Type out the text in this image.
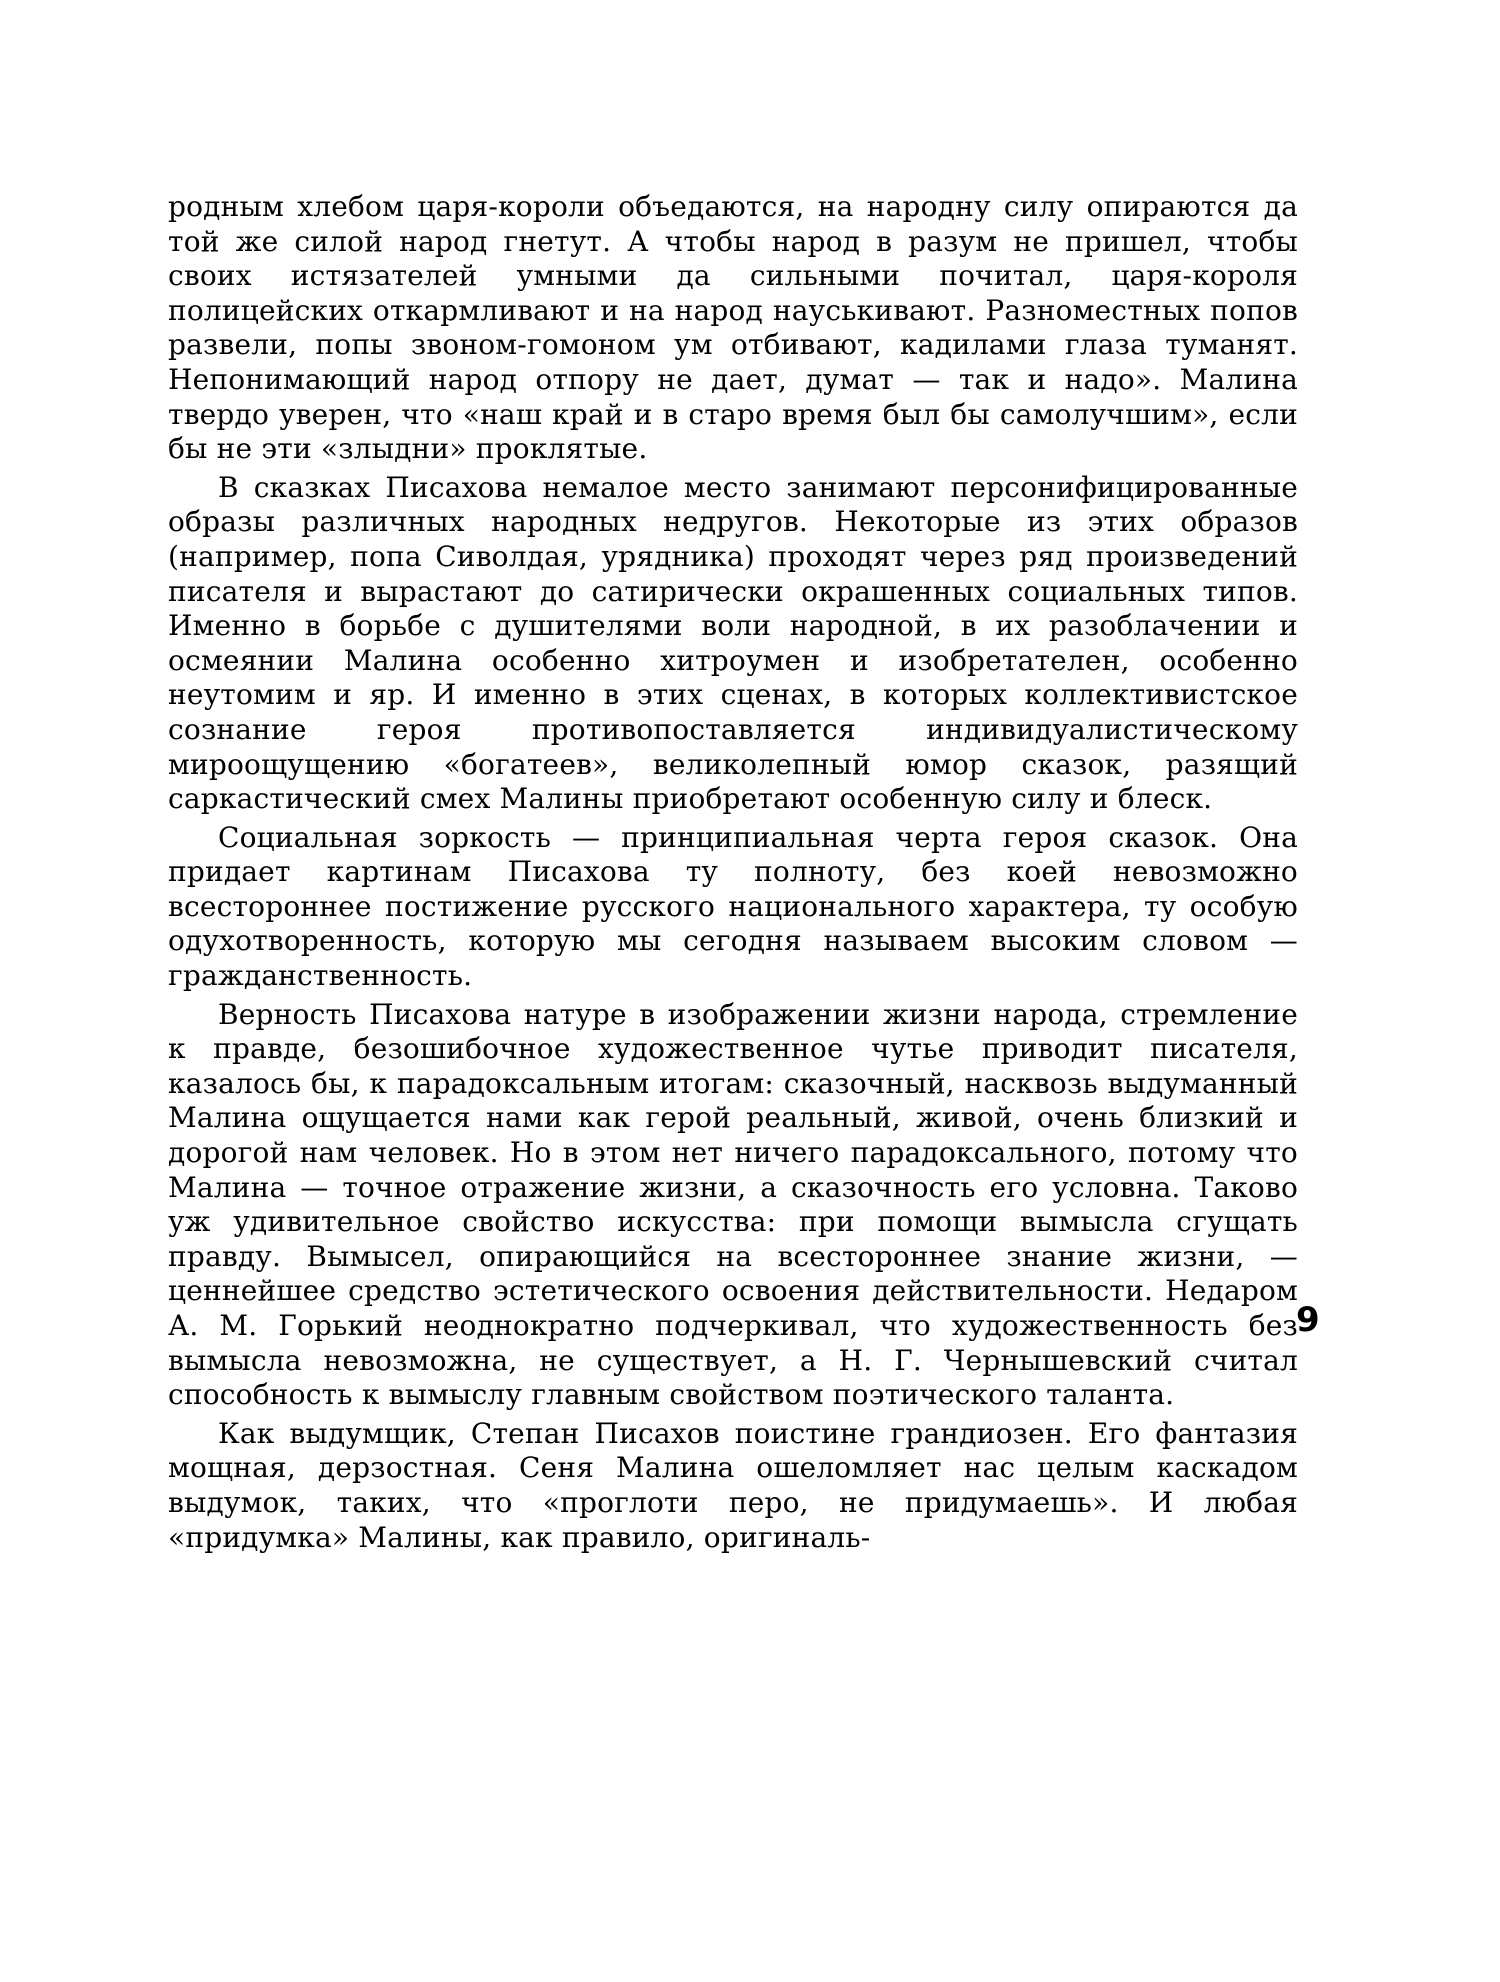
родным хлебом царя-короли объедаются, на народну силу опираются да той же силой народ гнетут. А чтобы народ в разум не пришел, чтобы своих истязателей умными да сильными почитал, царя-короля полицейских откармливают и на народ науськивают. Разноместных попов развели, попы звоном-гомоном ум отбивают, кадилами глаза туманят. Непонимающий народ отпору не дает, думат — так и надо». Малина твердо уверен, что «наш край и в старо время был бы самолучшим», если бы не эти «злыдни» проклятые.

В сказках Писахова немалое место занимают персонифицированные образы различных народных недругов. Некоторые из этих образов (например, попа Сиволдая, урядника) проходят через ряд произведений писателя и вырастают до сатирически окрашенных социальных типов. Именно в борьбе с душителями воли народной, в их разоблачении и осмеянии Малина особенно хитроумен и изобретателен, особенно неутомим и яр. И именно в этих сценах, в которых коллективистское сознание героя противопоставляется индивидуалистическому мироощущению «богатеев», великолепный юмор сказок, разящий саркастический смех Малины приобретают особенную силу и блеск.

Социальная зоркость — принципиальная черта героя сказок. Она придает картинам Писахова ту полноту, без коей невозможно всестороннее постижение русского национального характера, ту особую одухотворенность, которую мы сегодня называем высоким словом — гражданственность.

Верность Писахова натуре в изображении жизни народа, стремление к правде, безошибочное художественное чутье приводит писателя, казалось бы, к парадоксальным итогам: сказочный, насквозь выдуманный Малина ощущается нами как герой реальный, живой, очень близкий и дорогой нам человек. Но в этом нет ничего парадоксального, потому что Малина — точное отражение жизни, а сказочность его условна. Таково уж удивительное свойство искусства: при помощи вымысла сгущать правду. Вымысел, опирающийся на всестороннее знание жизни, — ценнейшее средство эстетического освоения действительности. Недаром А. М. Горький неоднократно подчеркивал, что художественность без вымысла невозможна, не существует, а Н. Г. Чернышевский считал способность к вымыслу главным свойством поэтического таланта.

Как выдумщик, Степан Писахов поистине грандиозен. Его фантазия мощная, дерзостная. Сеня Малина ошеломляет нас целым каскадом выдумок, таких, что «проглоти перо, не придумаешь». И любая «придумка» Малины, как правило, оригиналь-

9
